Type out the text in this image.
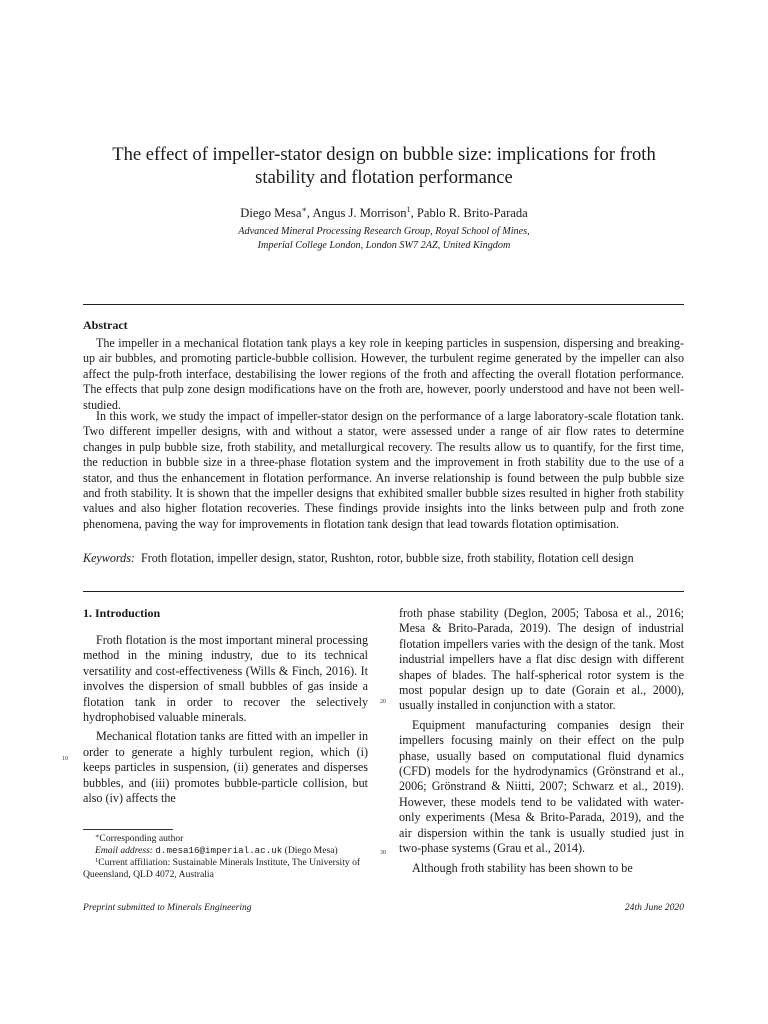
The effect of impeller-stator design on bubble size: implications for froth
stability and flotation performance
Diego Mesa∗, Angus J. Morrison$^1$, Pablo R. Brito-Parada
Advanced Mineral Processing Research Group, Royal School of Mines,
Imperial College London, London SW7 2AZ, United Kingdom
Abstract

The impeller in a mechanical flotation tank plays a key role in keeping particles in suspension, dispersing and breaking-up air bubbles, and promoting particle-bubble collision. However, the turbulent regime generated by the impeller can also affect the pulp-froth interface, destabilising the lower regions of the froth and affecting the overall flotation performance. The effects that pulp zone design modifications have on the froth are, however, poorly understood and have not been well-studied.

In this work, we study the impact of impeller-stator design on the performance of a large laboratory-scale flotation tank. Two different impeller designs, with and without a stator, were assessed under a range of air flow rates to determine changes in pulp bubble size, froth stability, and metallurgical recovery. The results allow us to quantify, for the first time, the reduction in bubble size in a three-phase flotation system and the improvement in froth stability due to the use of a stator, and thus the enhancement in flotation performance. An inverse relationship is found between the pulp bubble size and froth stability. It is shown that the impeller designs that exhibited smaller bubble sizes resulted in higher froth stability values and also higher flotation recoveries. These findings provide insights into the links between pulp and froth zone phenomena, paving the way for improvements in flotation tank design that lead towards flotation optimisation.

Keywords: Froth flotation, impeller design, stator, Rushton, rotor, bubble size, froth stability, flotation cell design

1. Introduction

Froth flotation is the most important mineral processing method in the mining industry, due to its technical versatility and cost-effectiveness (Wills & Finch, 2016). It involves the dispersion of small bubbles of gas inside a flotation tank in order to recover the selectively hydrophobised valuable minerals.

Mechanical flotation tanks are fitted with an impeller in order to generate a highly turbulent region, which (i) keeps particles in suspension, (ii) generates and disperses bubbles, and (iii) promotes bubble-particle collision, but also (iv) affects the

froth phase stability (Deglon, 2005; Tabosa et al., 2016; Mesa & Brito-Parada, 2019). The design of industrial flotation impellers varies with the design of the tank. Most industrial impellers have a flat disc design with different shapes of blades. The half-spherical rotor system is the most popular design up to date (Gorain et al., 2000), usually installed in conjunction with a stator.

Equipment manufacturing companies design their impellers focusing mainly on their effect on the pulp phase, usually based on computational fluid dynamics (CFD) models for the hydrodynamics (Grönstrand et al., 2006; Grönstrand & Niitti, 2007; Schwarz et al., 2019). However, these models tend to be validated with water-only experiments (Mesa & Brito-Parada, 2019), and the air dispersion within the tank is usually studied just in two-phase systems (Grau et al., 2014).

Although froth stability has been shown to be

10
20
30
∗Corresponding author
Email address: d.mesa16@imperial.ac.uk (Diego Mesa)
$^1$Current affiliation: Sustainable Minerals Institute, The University of Queensland, QLD 4072, Australia
Preprint submitted to Minerals Engineering	24th June 2020
